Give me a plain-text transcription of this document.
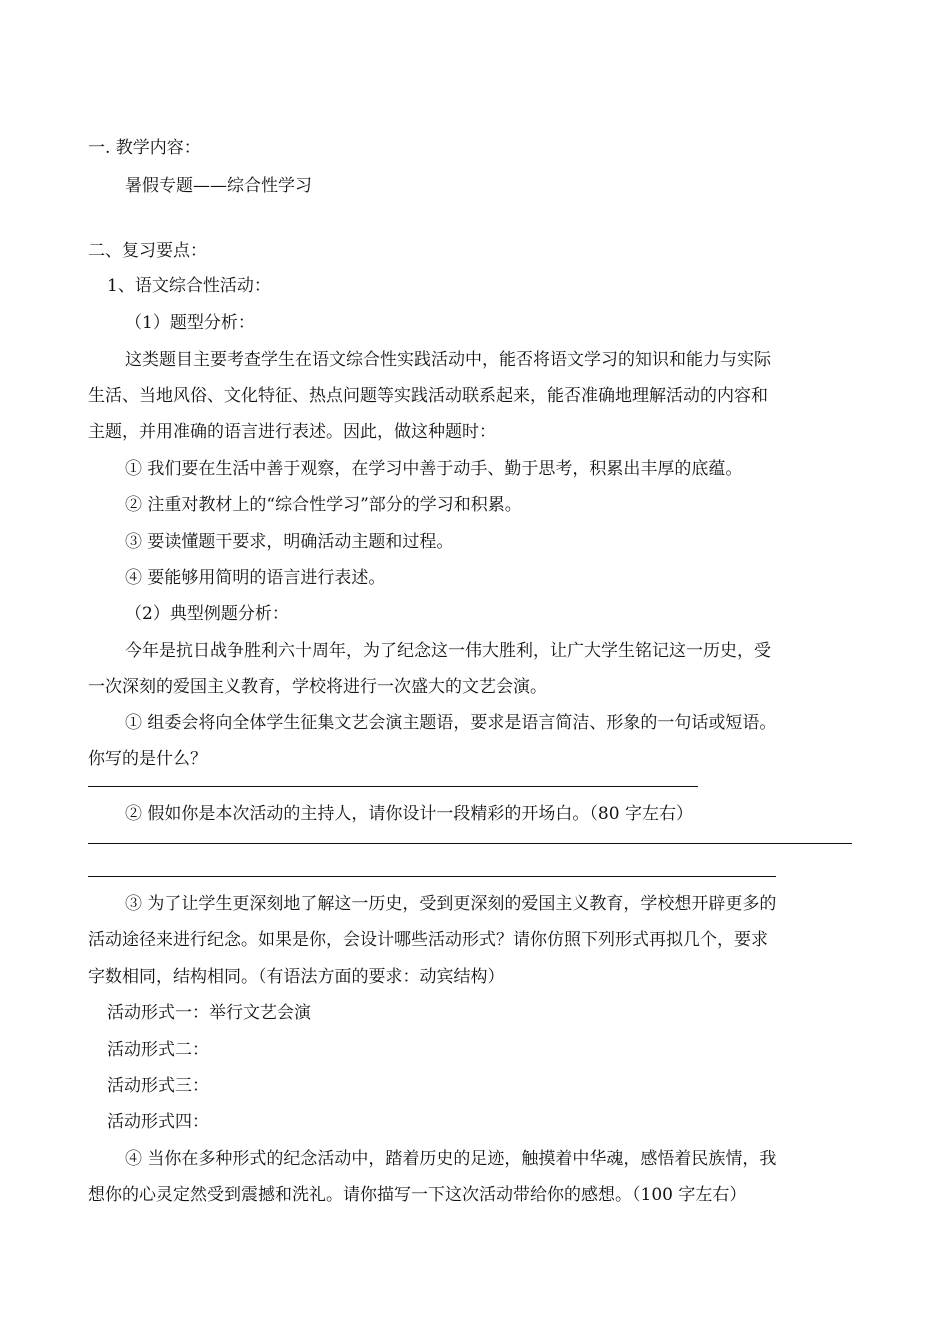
一. 教学内容：
暑假专题——综合性学习
二、复习要点：
1、语文综合性活动：
（1）题型分析：
这类题目主要考查学生在语文综合性实践活动中，能否将语文学习的知识和能力与实际
生活、当地风俗、文化特征、热点问题等实践活动联系起来，能否准确地理解活动的内容和
主题，并用准确的语言进行表述。因此，做这种题时：
① 我们要在生活中善于观察，在学习中善于动手、勤于思考，积累出丰厚的底蕴。
② 注重对教材上的“综合性学习”部分的学习和积累。
③ 要读懂题干要求，明确活动主题和过程。
④ 要能够用简明的语言进行表述。
（2）典型例题分析：
今年是抗日战争胜利六十周年，为了纪念这一伟大胜利，让广大学生铭记这一历史，受
一次深刻的爱国主义教育，学校将进行一次盛大的文艺会演。
① 组委会将向全体学生征集文艺会演主题语，要求是语言简洁、形象的一句话或短语。
你写的是什么？
② 假如你是本次活动的主持人，请你设计一段精彩的开场白。（80 字左右）
③ 为了让学生更深刻地了解这一历史，受到更深刻的爱国主义教育，学校想开辟更多的
活动途径来进行纪念。如果是你，会设计哪些活动形式？请你仿照下列形式再拟几个，要求
字数相同，结构相同。（有语法方面的要求：动宾结构）
活动形式一：举行文艺会演
活动形式二：
活动形式三：
活动形式四：
④ 当你在多种形式的纪念活动中，踏着历史的足迹，触摸着中华魂，感悟着民族情，我
想你的心灵定然受到震撼和洗礼。请你描写一下这次活动带给你的感想。（100 字左右）
